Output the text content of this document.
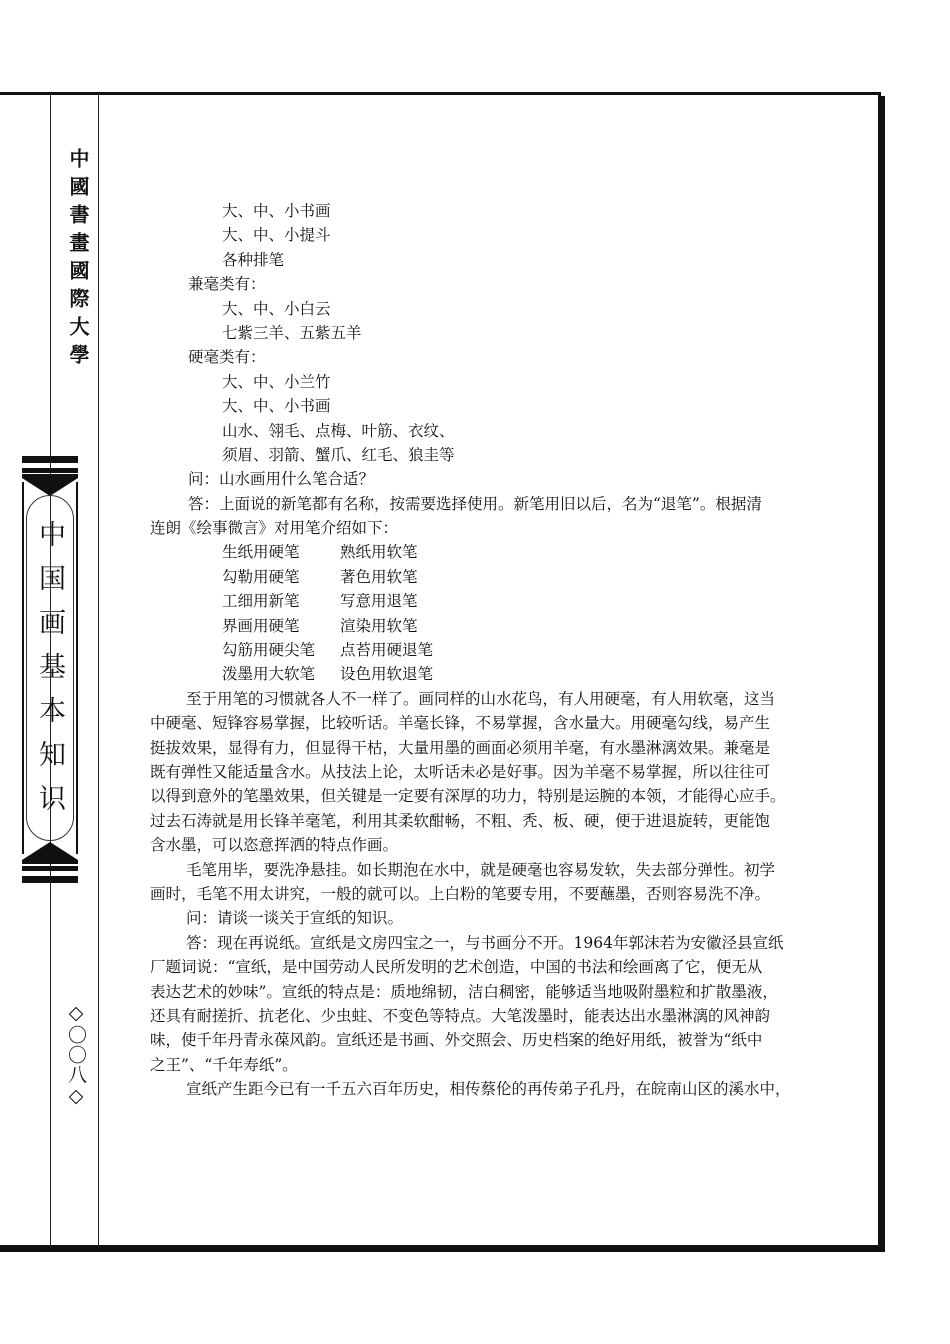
中國書畫國際大學
中国画基本知识
◇〇〇八◇
大、中、小书画
大、中、小提斗
各种排笔
兼毫类有：
大、中、小白云
七紫三羊、五紫五羊
硬毫类有：
大、中、小兰竹
大、中、小书画
山水、翎毛、点梅、叶筋、衣纹、
须眉、羽箭、蟹爪、红毛、狼圭等
问：山水画用什么笔合适？
答：上面说的新笔都有名称，按需要选择使用。新笔用旧以后，名为“退笔”。根据清
连朗《绘事微言》对用笔介绍如下：
生纸用硬笔	熟纸用软笔
勾勒用硬笔	著色用软笔
工细用新笔	写意用退笔
界画用硬笔	渲染用软笔
勾筋用硬尖笔 点苔用硬退笔
泼墨用大软笔 设色用软退笔
至于用笔的习惯就各人不一样了。画同样的山水花鸟，有人用硬毫，有人用软毫，这当
中硬毫、短锋容易掌握，比较听话。羊毫长锋，不易掌握，含水量大。用硬毫勾线，易产生
挺拔效果，显得有力，但显得干枯，大量用墨的画面必须用羊毫，有水墨淋漓效果。兼毫是
既有弹性又能适量含水。从技法上论，太听话未必是好事。因为羊毫不易掌握，所以往往可
以得到意外的笔墨效果，但关键是一定要有深厚的功力，特别是运腕的本领，才能得心应手。
过去石涛就是用长锋羊毫笔，利用其柔软酣畅，不粗、秃、板、硬，便于进退旋转，更能饱
含水墨，可以恣意挥洒的特点作画。
毛笔用毕，要洗净悬挂。如长期泡在水中，就是硬毫也容易发软，失去部分弹性。初学
画时，毛笔不用太讲究，一般的就可以。上白粉的笔要专用，不要蘸墨，否则容易洗不净。
问：请谈一谈关于宣纸的知识。
答：现在再说纸。宣纸是文房四宝之一，与书画分不开。1964年郭沫若为安徽泾县宣纸
厂题词说：“宣纸，是中国劳动人民所发明的艺术创造，中国的书法和绘画离了它，便无从
表达艺术的妙味”。宣纸的特点是：质地绵韧，洁白稠密，能够适当地吸附墨粒和扩散墨液，
还具有耐搓折、抗老化、少虫蛀、不变色等特点。大笔泼墨时，能表达出水墨淋漓的风神韵
味，使千年丹青永葆风韵。宣纸还是书画、外交照会、历史档案的绝好用纸，被誉为“纸中
之王”、“千年寿纸”。
宣纸产生距今已有一千五六百年历史，相传蔡伦的再传弟子孔丹，在皖南山区的溪水中，
